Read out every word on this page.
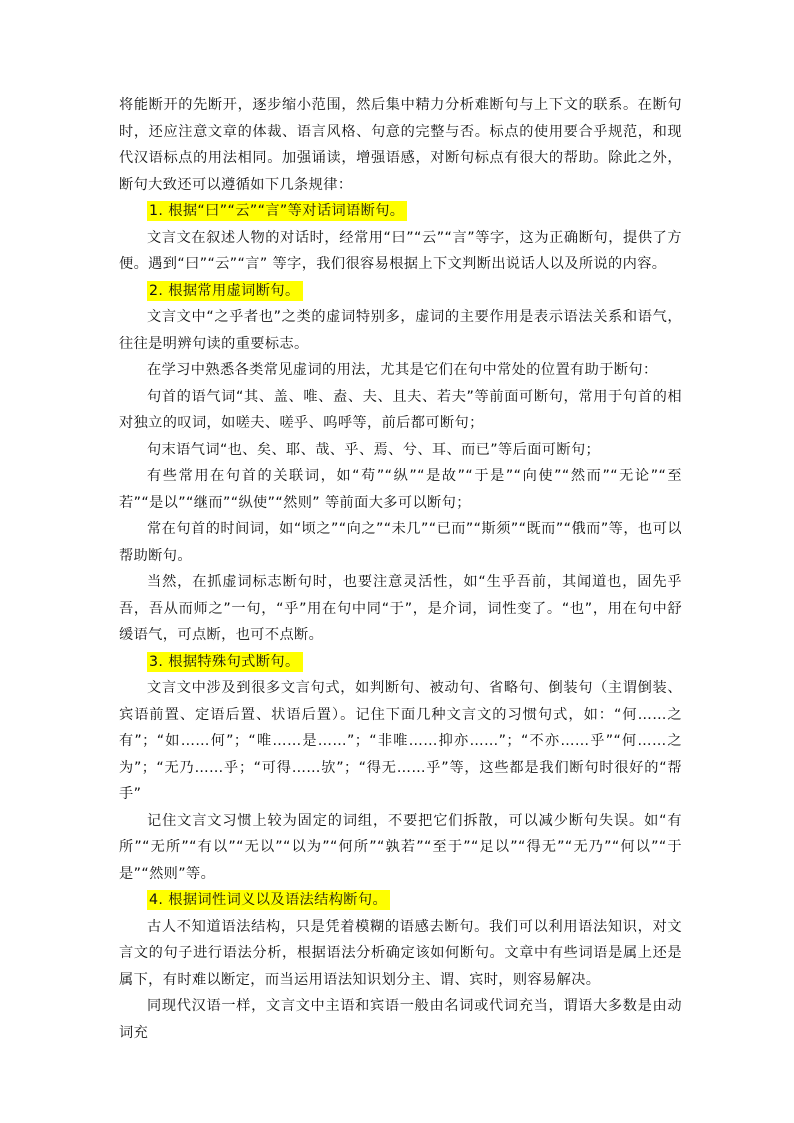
将能断开的先断开，逐步缩小范围，然后集中精力分析难断句与上下文的联系。在断句时，还应注意文章的体裁、语言风格、句意的完整与否。标点的使用要合乎规范，和现代汉语标点的用法相同。加强诵读，增强语感，对断句标点有很大的帮助。除此之外，断句大致还可以遵循如下几条规律：

1. 根据“曰”“云”“言”等对话词语断句。

文言文在叙述人物的对话时，经常用“曰”“云”“言”等字，这为正确断句，提供了方便。遇到“曰”“云”“言” 等字，我们很容易根据上下文判断出说话人以及所说的内容。

2. 根据常用虚词断句。

文言文中“之乎者也”之类的虚词特别多，虚词的主要作用是表示语法关系和语气，往往是明辨句读的重要标志。

在学习中熟悉各类常见虚词的用法，尤其是它们在句中常处的位置有助于断句：

句首的语气词“其、盖、唯、盍、夫、且夫、若夫”等前面可断句，常用于句首的相对独立的叹词，如嗟夫、嗟乎、呜呼等，前后都可断句；

句末语气词“也、矣、耶、哉、乎、焉、兮、耳、而已”等后面可断句；

有些常用在句首的关联词，如“苟”“纵”“是故”“于是”“向使”“然而”“无论”“至若”“是以”“继而”“纵使”“然则” 等前面大多可以断句；

常在句首的时间词，如“顷之”“向之”“未几”“已而”“斯须”“既而”“俄而”等，也可以帮助断句。

当然，在抓虚词标志断句时，也要注意灵活性，如“生乎吾前，其闻道也，固先乎吾，吾从而师之”一句，“乎”用在句中同“于”，是介词，词性变了。“也”，用在句中舒缓语气，可点断，也可不点断。

3. 根据特殊句式断句。

文言文中涉及到很多文言句式，如判断句、被动句、省略句、倒装句（主谓倒装、宾语前置、定语后置、状语后置）。记住下面几种文言文的习惯句式，如：“何……之有”；“如……何”；“唯……是……”；“非唯……抑亦……”；“不亦……乎”“何……之为”；“无乃……乎；“可得……欤”；“得无……乎”等，这些都是我们断句时很好的“帮手”

记住文言文习惯上较为固定的词组，不要把它们拆散，可以减少断句失误。如“有所”“无所”“有以”“无以”“以为”“何所”“孰若”“至于”“足以”“得无”“无乃”“何以”“于是”“然则”等。

4. 根据词性词义以及语法结构断句。

古人不知道语法结构，只是凭着模糊的语感去断句。我们可以利用语法知识，对文言文的句子进行语法分析，根据语法分析确定该如何断句。文章中有些词语是属上还是属下，有时难以断定，而当运用语法知识划分主、谓、宾时，则容易解决。

同现代汉语一样，文言文中主语和宾语一般由名词或代词充当，谓语大多数是由动词充
